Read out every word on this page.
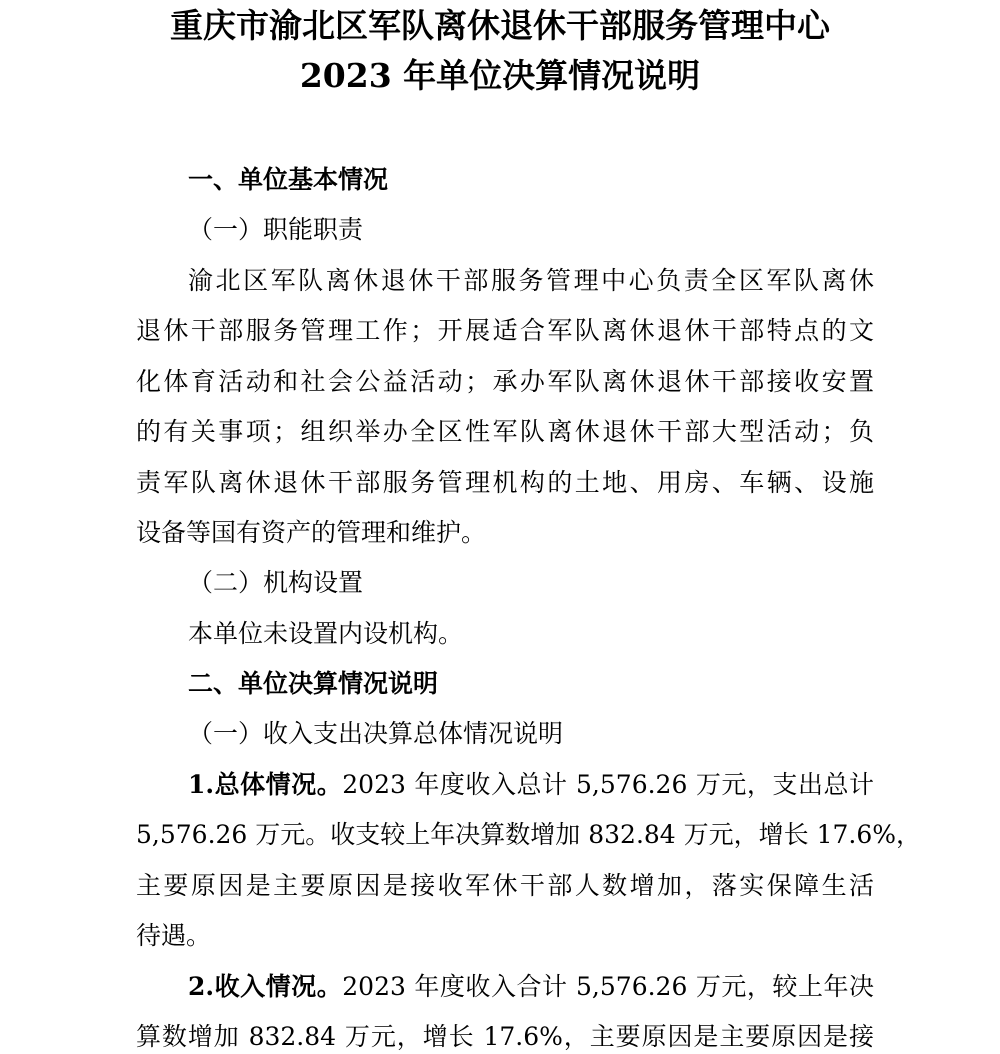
重庆市渝北区军队离休退休干部服务管理中心
2023 年单位决算情况说明
一、单位基本情况
（一）职能职责
渝北区军队离休退休干部服务管理中心负责全区军队离休
退休干部服务管理工作；开展适合军队离休退休干部特点的文
化体育活动和社会公益活动；承办军队离休退休干部接收安置
的有关事项；组织举办全区性军队离休退休干部大型活动；负
责军队离休退休干部服务管理机构的土地、用房、车辆、设施
设备等国有资产的管理和维护。
（二）机构设置
本单位未设置内设机构。
二、单位决算情况说明
（一）收入支出决算总体情况说明
1.总体情况。2023 年度收入总计 5,576.26 万元，支出总计
5,576.26 万元。收支较上年决算数增加 832.84 万元，增长 17.6%，
主要原因是主要原因是接收军休干部人数增加，落实保障生活
待遇。
2.收入情况。2023 年度收入合计 5,576.26 万元，较上年决
算数增加 832.84 万元，增长 17.6%，主要原因是主要原因是接
